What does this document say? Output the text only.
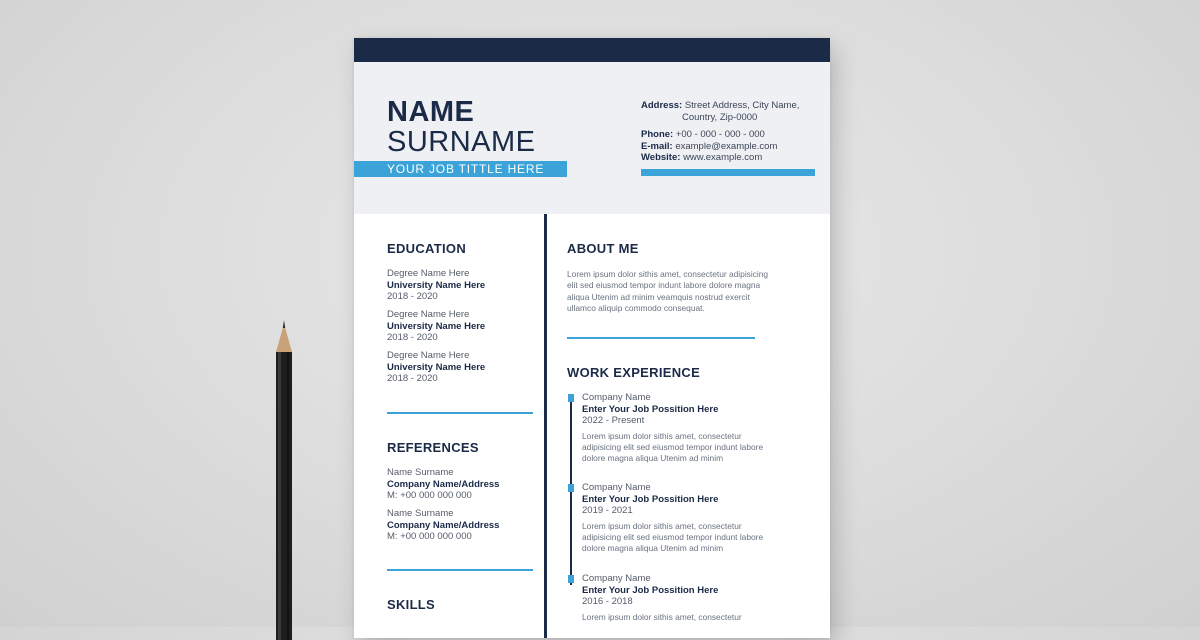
NAME
SURNAME
YOUR JOB TITTLE HERE
Address: Street Address, City Name,
Country, Zip-0000
Phone: +00 - 000 - 000 - 000
E-mail: example@example.com
Website: www.example.com
EDUCATION
Degree Name Here
University Name Here
2018 - 2020
Degree Name Here
University Name Here
2018 - 2020
Degree Name Here
University Name Here
2018 - 2020
REFERENCES
Name Surname
Company Name/Address
M: +00 000 000 000
Name Surname
Company Name/Address
M: +00 000 000 000
SKILLS
ABOUT ME
Lorem ipsum dolor sithis amet, consectetur adipisicing
elit sed eiusmod tempor indunt labore dolore magna
aliqua Utenim ad minim veamquis nostrud exercit
ullamco aliquip commodo consequat.
WORK EXPERIENCE
Company Name
Enter Your Job Possition Here
2022 - Present
Lorem ipsum dolor sithis amet, consectetur
adipisicing elit sed eiusmod tempor indunt labore
dolore magna aliqua Utenim ad minim
Company Name
Enter Your Job Possition Here
2019 - 2021
Lorem ipsum dolor sithis amet, consectetur
adipisicing elit sed eiusmod tempor indunt labore
dolore magna aliqua Utenim ad minim
Company Name
Enter Your Job Possition Here
2016 - 2018
Lorem ipsum dolor sithis amet, consectetur
